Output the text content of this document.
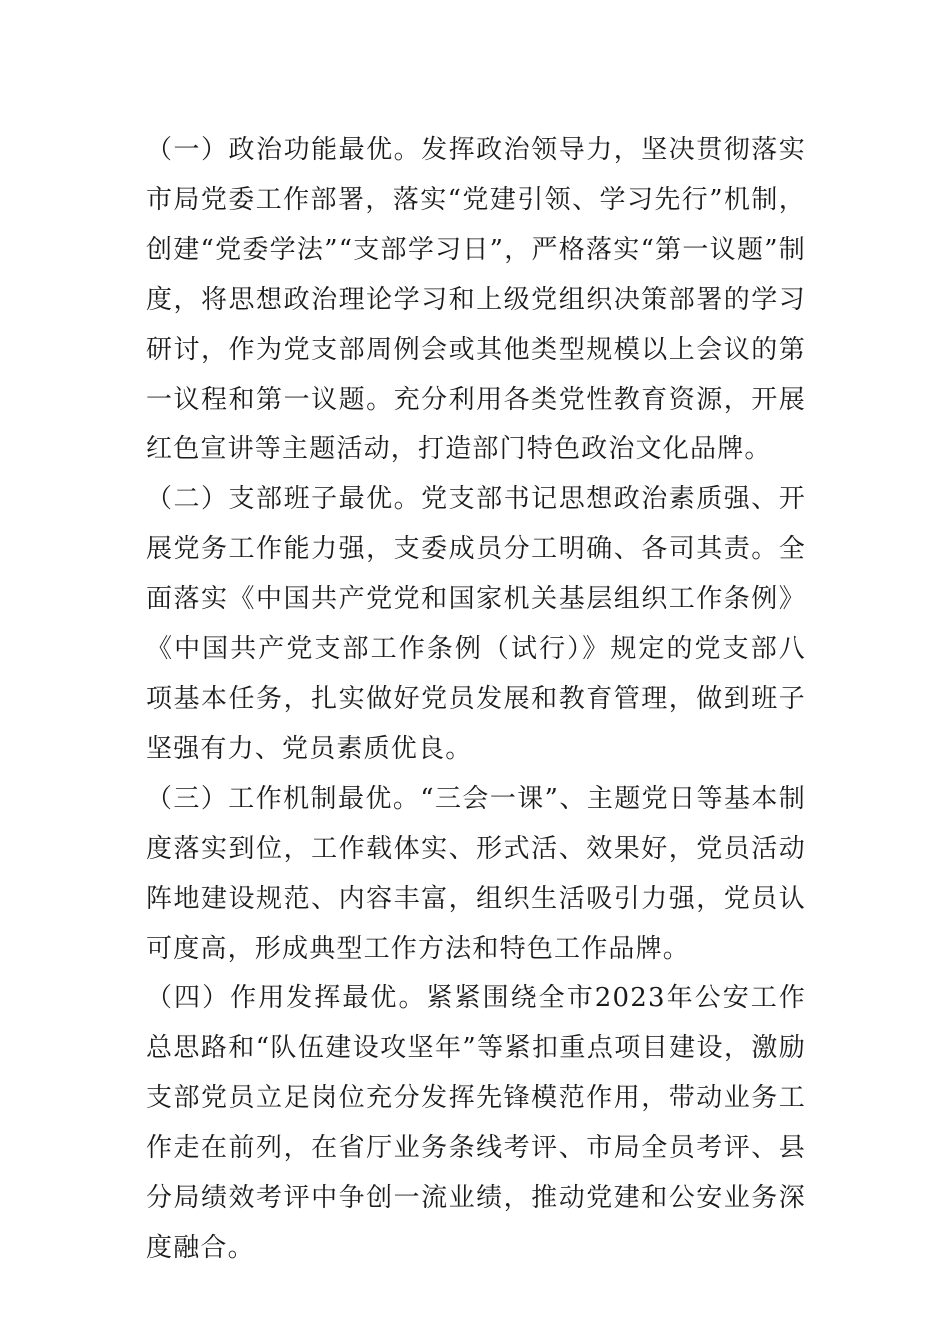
（一）政治功能最优。发挥政治领导力，坚决贯彻落实市局党委工作部署，落实“党建引领、学习先行”机制，创建“党委学法”“支部学习日”，严格落实“第一议题”制度，将思想政治理论学习和上级党组织决策部署的学习研讨，作为党支部周例会或其他类型规模以上会议的第一议程和第一议题。充分利用各类党性教育资源，开展红色宣讲等主题活动，打造部门特色政治文化品牌。

（二）支部班子最优。党支部书记思想政治素质强、开展党务工作能力强，支委成员分工明确、各司其责。全面落实《中国共产党党和国家机关基层组织工作条例》《中国共产党支部工作条例（试行）》规定的党支部八项基本任务，扎实做好党员发展和教育管理，做到班子坚强有力、党员素质优良。

（三）工作机制最优。“三会一课”、主题党日等基本制度落实到位，工作载体实、形式活、效果好，党员活动阵地建设规范、内容丰富，组织生活吸引力强，党员认可度高，形成典型工作方法和特色工作品牌。

（四）作用发挥最优。紧紧围绕全市2023年公安工作总思路和“队伍建设攻坚年”等紧扣重点项目建设，激励支部党员立足岗位充分发挥先锋模范作用，带动业务工作走在前列，在省厅业务条线考评、市局全员考评、县分局绩效考评中争创一流业绩，推动党建和公安业务深度融合。
